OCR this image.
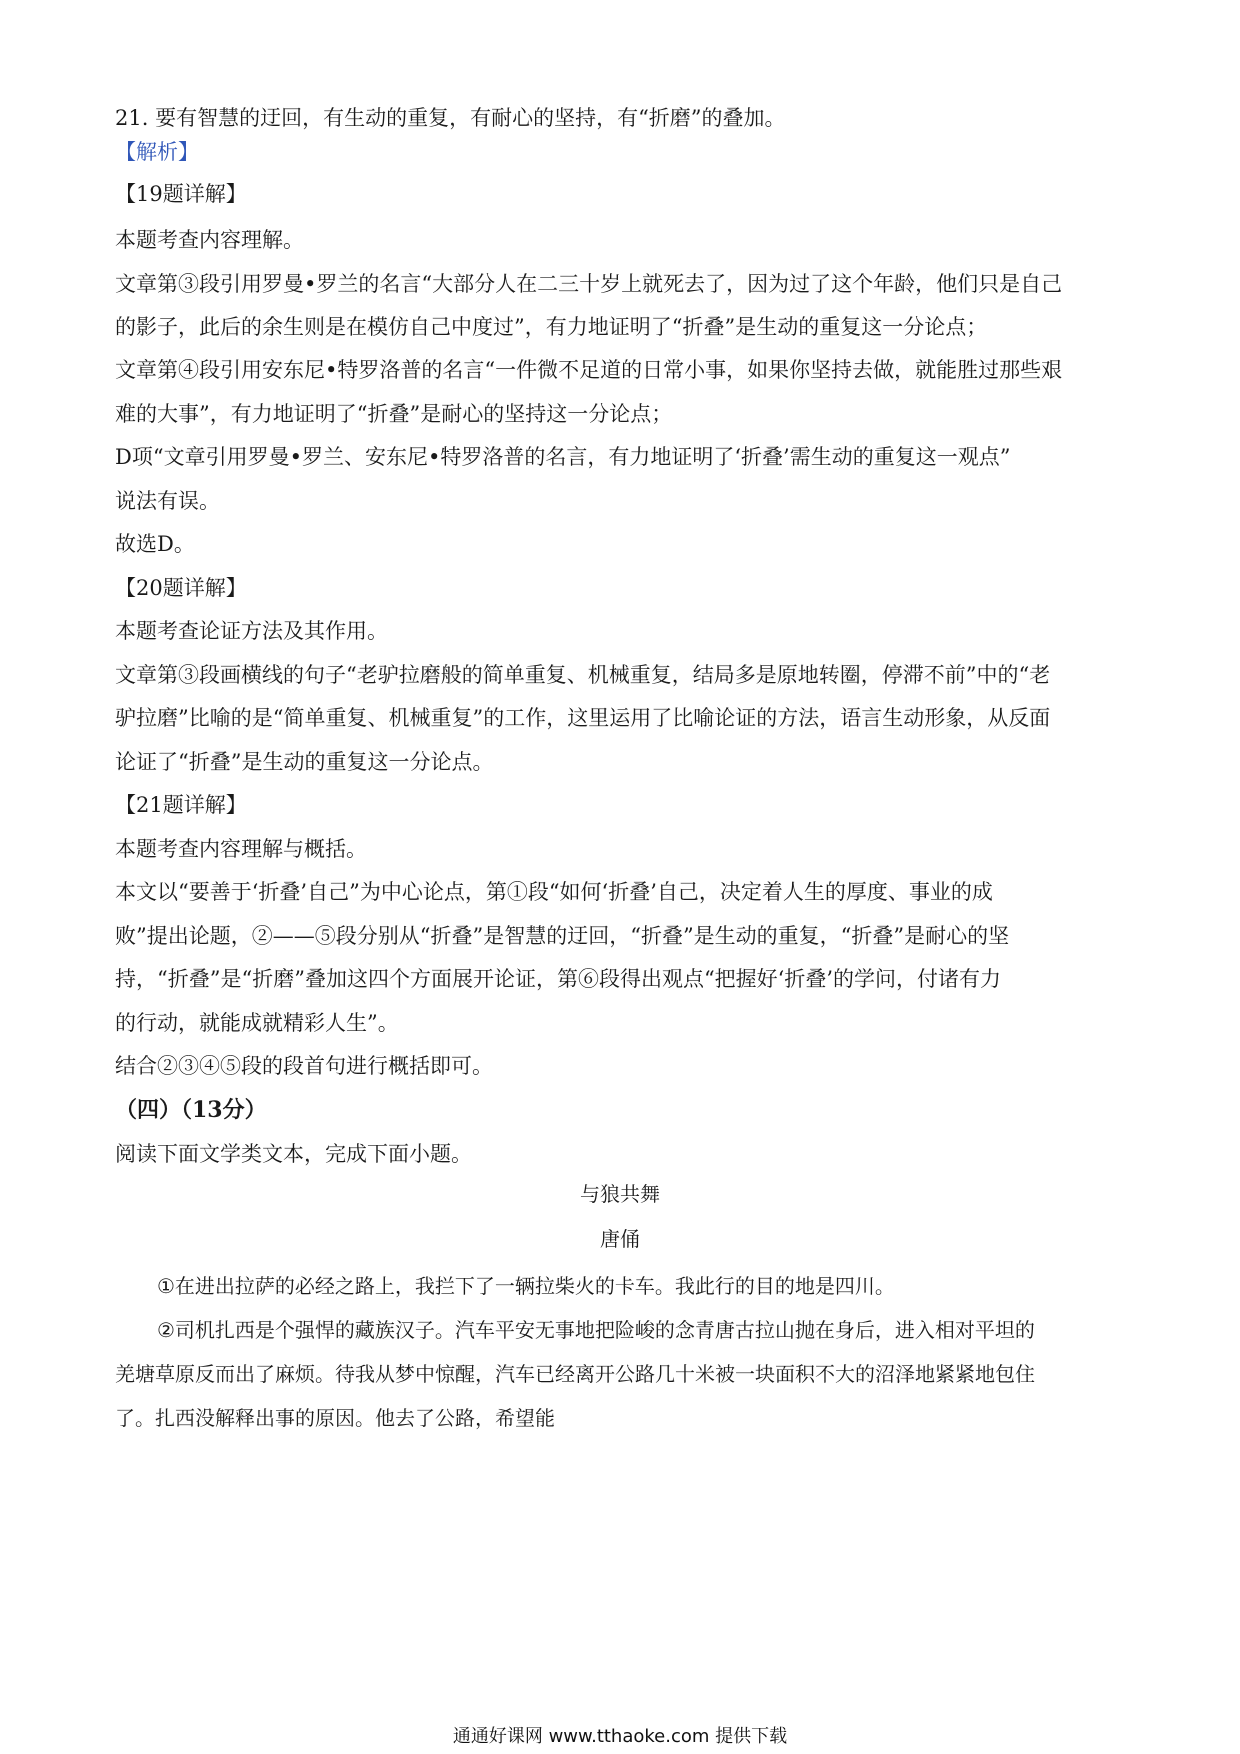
21. 要有智慧的迂回，有生动的重复，有耐心的坚持，有“折磨”的叠加。
【解析】
【19题详解】
本题考查内容理解。
文章第③段引用罗曼•罗兰的名言“大部分人在二三十岁上就死去了，因为过了这个年龄，他们只是自己
的影子，此后的余生则是在模仿自己中度过”，有力地证明了“折叠”是生动的重复这一分论点；
文章第④段引用安东尼•特罗洛普的名言“一件微不足道的日常小事，如果你坚持去做，就能胜过那些艰
难的大事”，有力地证明了“折叠”是耐心的坚持这一分论点；
D项“文章引用罗曼•罗兰、安东尼•特罗洛普的名言，有力地证明了‘折叠’需生动的重复这一观点”
说法有误。
故选D。
【20题详解】
本题考查论证方法及其作用。
文章第③段画横线的句子“老驴拉磨般的简单重复、机械重复，结局多是原地转圈，停滞不前”中的“老
驴拉磨”比喻的是“简单重复、机械重复”的工作，这里运用了比喻论证的方法，语言生动形象，从反面
论证了“折叠”是生动的重复这一分论点。
【21题详解】
本题考查内容理解与概括。
本文以“要善于‘折叠’自己”为中心论点，第①段“如何‘折叠’自己，决定着人生的厚度、事业的成
败”提出论题，②——⑤段分别从“折叠”是智慧的迂回，“折叠”是生动的重复，“折叠”是耐心的坚
持，“折叠”是“折磨”叠加这四个方面展开论证，第⑥段得出观点“把握好‘折叠’的学问，付诸有力
的行动，就能成就精彩人生”。
结合②③④⑤段的段首句进行概括即可。
（四）（13分）
阅读下面文学类文本，完成下面小题。
与狼共舞
唐俑
①在进出拉萨的必经之路上，我拦下了一辆拉柴火的卡车。我此行的目的地是四川。
②司机扎西是个强悍的藏族汉子。汽车平安无事地把险峻的念青唐古拉山抛在身后，进入相对平坦的
羌塘草原反而出了麻烦。待我从梦中惊醒，汽车已经离开公路几十米被一块面积不大的沼泽地紧紧地包住
了。扎西没解释出事的原因。他去了公路，希望能
通通好课网 www.tthaoke.com 提供下载
